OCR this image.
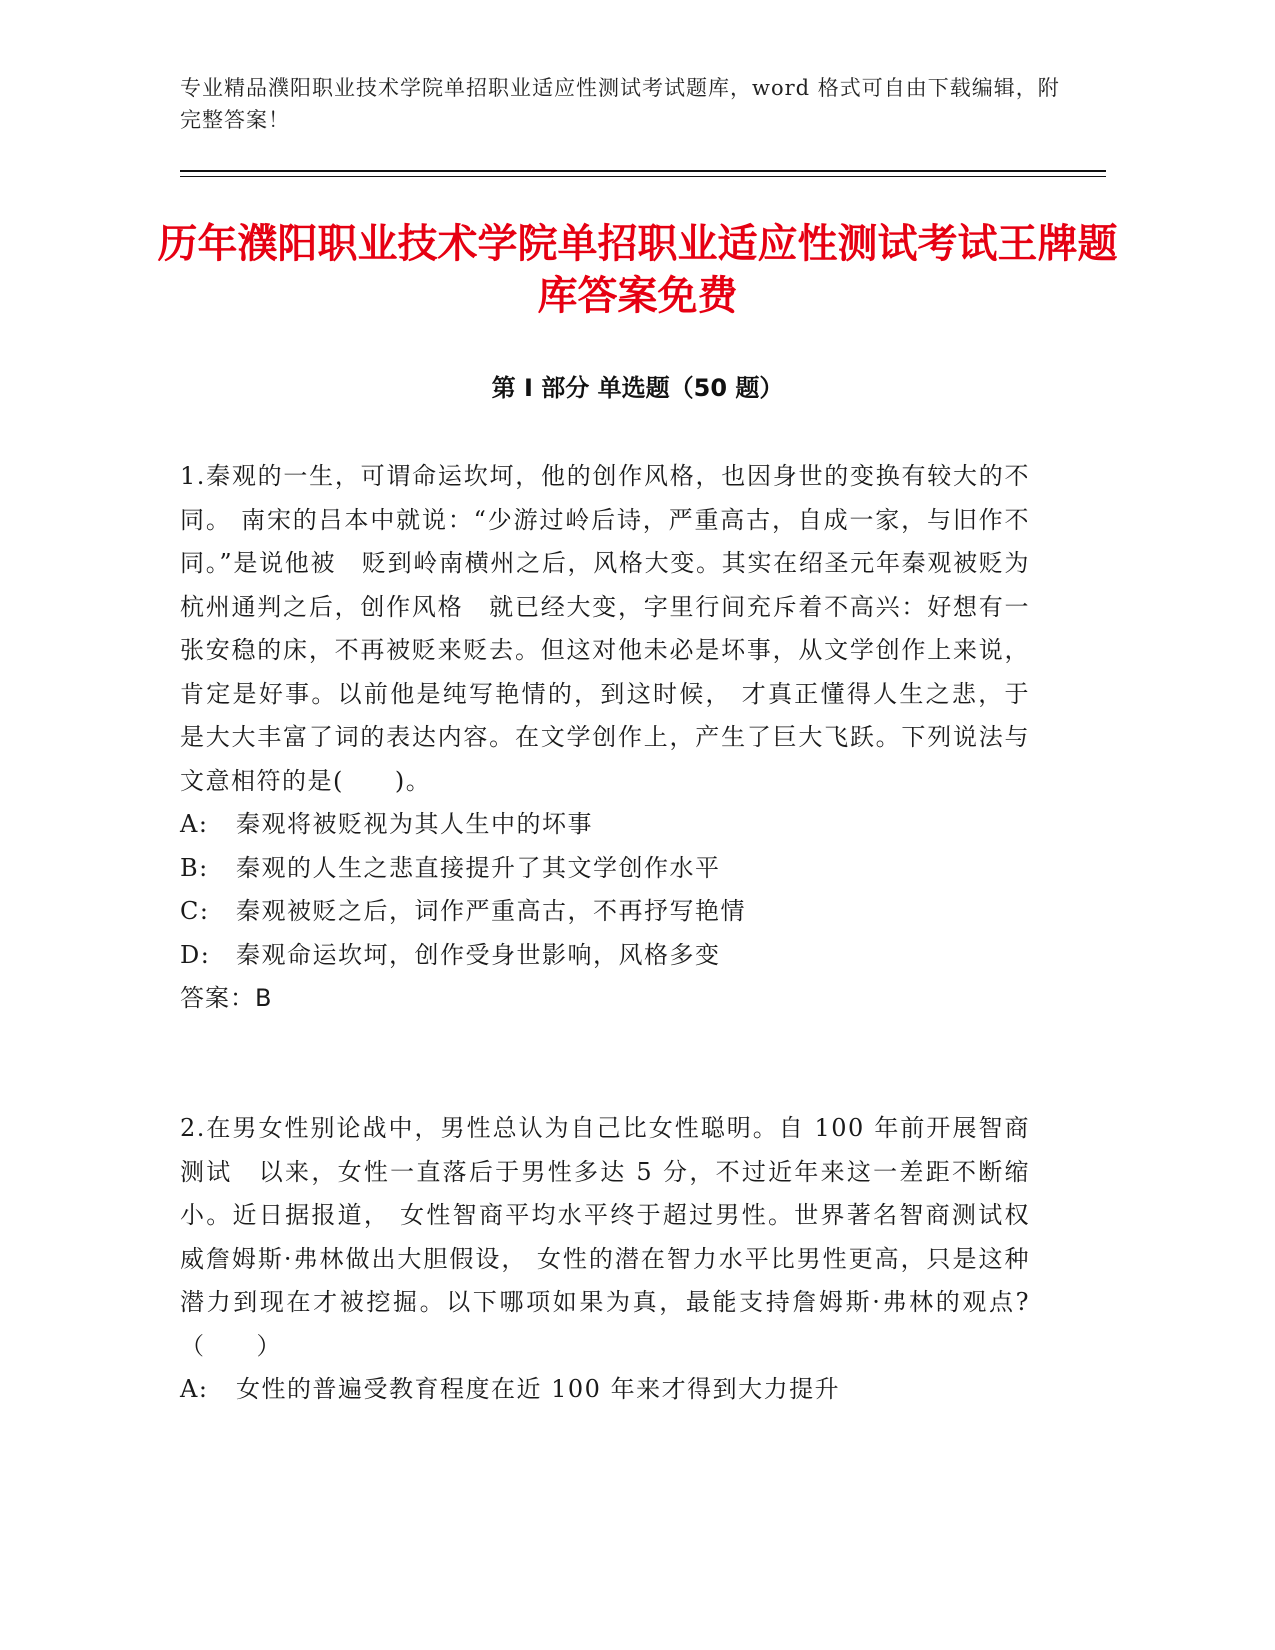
专业精品濮阳职业技术学院单招职业适应性测试考试题库，word 格式可自由下载编辑，附完整答案！
历年濮阳职业技术学院单招职业适应性测试考试王牌题库答案免费
第 I 部分 单选题（50 题）

1.秦观的一生，可谓命运坎坷，他的创作风格，也因身世的变换有较大的不同。 南宋的吕本中就说：“少游过岭后诗，严重高古，自成一家，与旧作不同。”是说他被　贬到岭南横州之后，风格大变。其实在绍圣元年秦观被贬为杭州通判之后，创作风格　就已经大变，字里行间充斥着不高兴：好想有一张安稳的床，不再被贬来贬去。但这对他未必是坏事，从文学创作上来说，肯定是好事。以前他是纯写艳情的，到这时候， 才真正懂得人生之悲，于是大大丰富了词的表达内容。在文学创作上，产生了巨大飞跃。下列说法与文意相符的是(　　)。

A:	秦观将被贬视为其人生中的坏事

B:	秦观的人生之悲直接提升了其文学创作水平

C:	秦观被贬之后，词作严重高古，不再抒写艳情

D:	秦观命运坎坷，创作受身世影响，风格多变

答案：B

2.在男女性别论战中，男性总认为自己比女性聪明。自 100 年前开展智商测试　以来，女性一直落后于男性多达 5 分，不过近年来这一差距不断缩小。近日据报道， 女性智商平均水平终于超过男性。世界著名智商测试权威詹姆斯·弗林做出大胆假设， 女性的潜在智力水平比男性更高，只是这种潜力到现在才被挖掘。以下哪项如果为真，最能支持詹姆斯·弗林的观点?（　　）

A:	女性的普遍受教育程度在近 100 年来才得到大力提升
